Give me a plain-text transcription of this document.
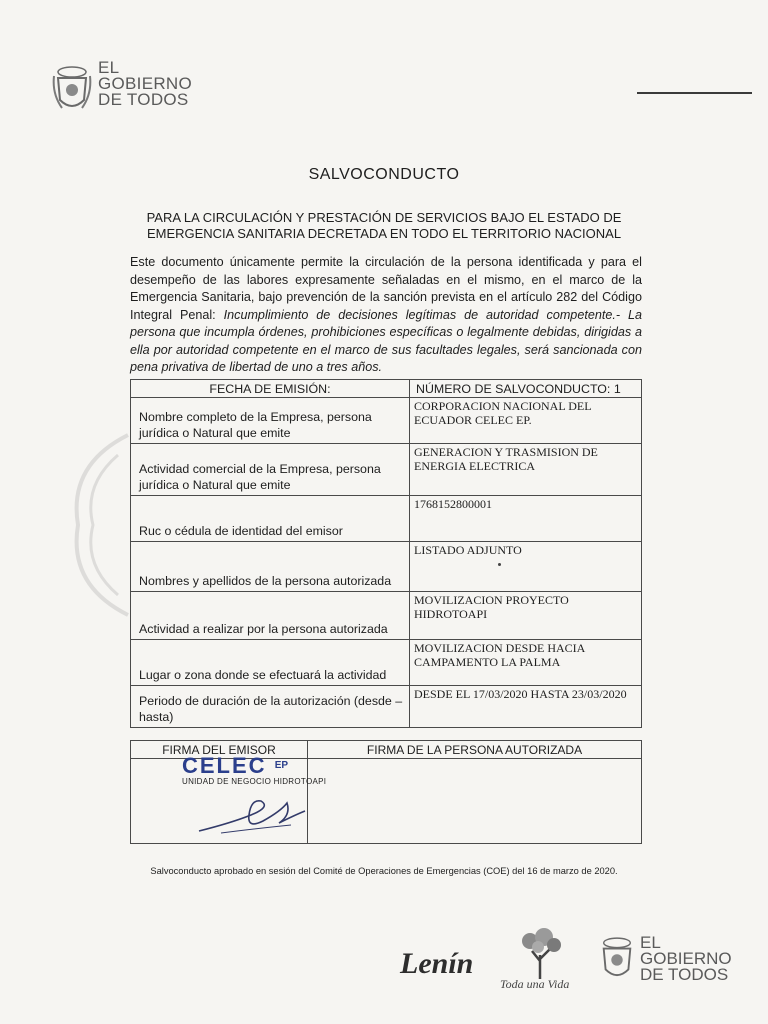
EL
GOBIERNO
DE TODOS
SALVOCONDUCTO
PARA LA CIRCULACIÓN Y PRESTACIÓN DE SERVICIOS BAJO EL ESTADO DE
EMERGENCIA SANITARIA DECRETADA EN TODO EL TERRITORIO NACIONAL
Este documento únicamente permite la circulación de la persona identificada y para el desempeño de las labores expresamente señaladas en el mismo, en el marco de la Emergencia Sanitaria, bajo prevención de la sanción prevista en el artículo 282 del Código Integral Penal: Incumplimiento de decisiones legítimas de autoridad competente.- La persona que incumpla órdenes, prohibiciones específicas o legalmente debidas, dirigidas a ella por autoridad competente en el marco de sus facultades legales, será sancionada con pena privativa de libertad de uno a tres años.
FECHA DE EMISIÓN:	NÚMERO DE SALVOCONDUCTO: 1
Nombre completo de la Empresa, persona jurídica o Natural que emite	CORPORACION NACIONAL DEL ECUADOR CELEC EP.
Actividad comercial de la Empresa, persona jurídica o Natural que emite	GENERACION Y TRASMISION DE ENERGIA ELECTRICA
Ruc o cédula de identidad del emisor	1768152800001
Nombres y apellidos de la persona autorizada	LISTADO ADJUNTO

Actividad a realizar por la persona autorizada	MOVILIZACION PROYECTO HIDROTOAPI
Lugar o zona donde se efectuará la actividad	MOVILIZACION DESDE HACIA CAMPAMENTO LA PALMA
Periodo de duración de la autorización (desde – hasta)	DESDE EL 17/03/2020 HASTA 23/03/2020
FIRMA DEL EMISOR	FIRMA DE LA PERSONA AUTORIZADA

CELEC $^{EP}$
UNIDAD DE NEGOCIO HIDROTOAPI
Salvoconducto aprobado en sesión del Comité de Operaciones de Emergencias (COE) del 16 de marzo de 2020.
Lenín
Toda una Vida
EL
GOBIERNO
DE TODOS
